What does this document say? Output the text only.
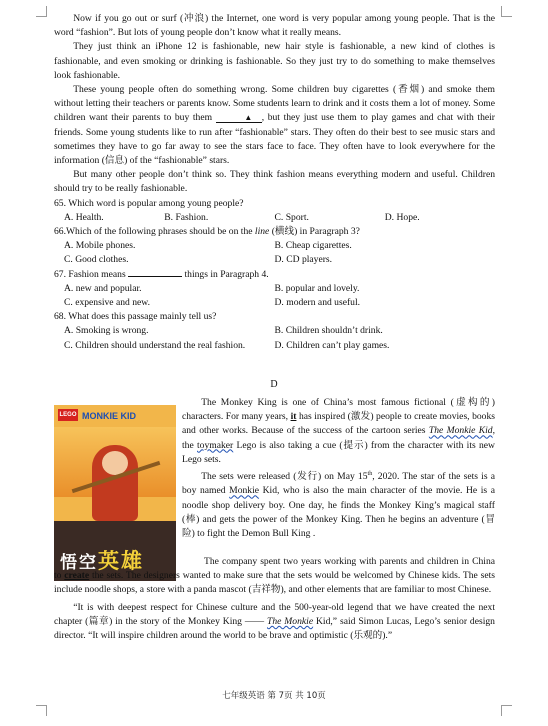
Now if you go out or surf (冲浪) the Internet, one word is very popular among young people. That is the word “fashion”. But lots of young people don’t know what it really means.

They just think an iPhone 12 is fashionable, new hair style is fashionable, a new kind of clothes is fashionable, and even smoking or drinking is fashionable. So they just try to do something to make themselves look fashionable.

These young people often do something wrong. Some children buy cigarettes (香烟) and smoke them without letting their teachers or parents know. Some students learn to drink and it costs them a lot of money. Some children want their parents to buy them	▲ , but they just use them to play games and chat with their friends. Some young students like to run after “fashionable” stars. They often do their best to see music stars and sometimes they have to go far away to see the stars face to face. They often have to look everywhere for the information (信息) of the “fashionable” stars.

But many other people don’t think so. They think fashion means everything modern and useful. Children should try to be really fashionable.

65. Which word is popular among young people?

A. Health.	B. Fashion.	C. Sport.	D. Hope.

66.Which of the following phrases should be on the line (横线) in Paragraph 3?

A. Mobile phones.	B. Cheap cigarettes.
C. Good clothes.	D. CD players.

67. Fashion means	things in Paragraph 4.

A. new and popular.	B. popular and lovely.
C. expensive and new.	D. modern and useful.

68. What does this passage mainly tell us?

A. Smoking is wrong.	B. Children shouldn’t drink.
C. Children should understand the real fashion.	D. Children can’t play games.
D
LEGO MONKIE KID
悟空英雄

The Monkey King is one of China’s most famous fictional (虚构的) characters. For many years, it has inspired (激发) people to create movies, books and other works. Because of the success of the cartoon series The Monkie Kid, the toymaker Lego is also taking a cue (提示) from the character with its new Lego sets.

The sets were released (发行) on May 15th, 2020. The star of the sets is a boy named Monkie Kid, who is also the main character of the movie. He is a noodle shop delivery boy. One day, he finds the Monkey King’s magical staff (棒) and gets the power of the Monkey King. Then he begins an adventure (冒险) to fight the Demon Bull King .

The company spent two years working with parents and children in China to create the sets. The designers wanted to make sure that the sets would be welcomed by Chinese kids. The sets include noodle shops, a store with a panda mascot (吉祥物), and other elements that are familiar to most Chinese.

“It is with deepest respect for Chinese culture and the 500-year-old legend that we have created the next chapter (篇章) in the story of the Monkey King —— The Monkie Kid,” said Simon Lucas, Lego’s senior design director. “It will inspire children around the world to be brave and optimistic (乐观的).”

七年级英语 第 7页 共 10页
